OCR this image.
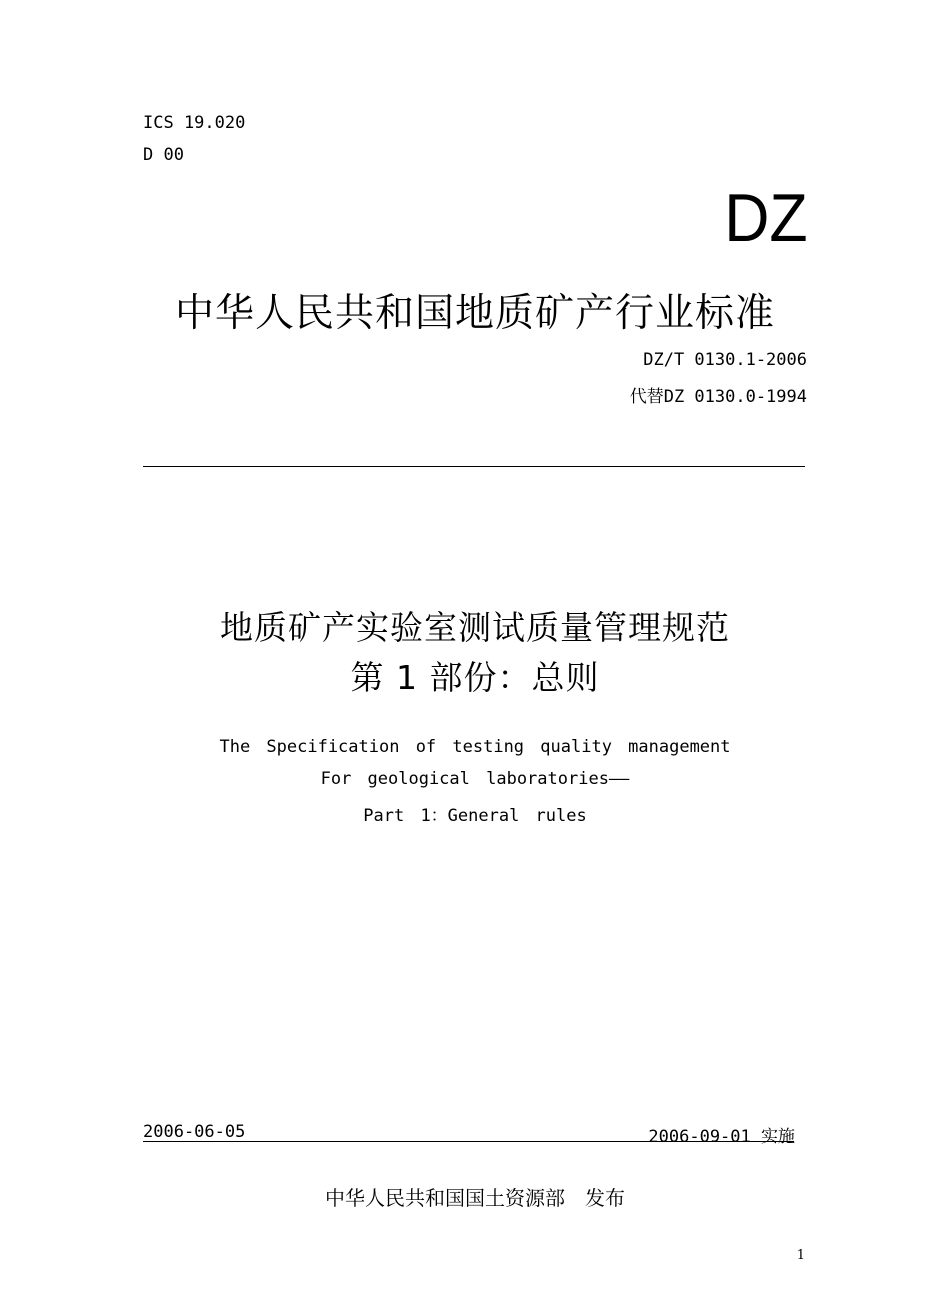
ICS 19.020
D 00
DZ
中华人民共和国地质矿产行业标准
DZ/T 0130.1-2006
代替DZ 0130.0-1994
地质矿产实验室测试质量管理规范
第 1 部份：总则
The Specification of testing quality management
For geological laboratories——
Part 1：General rules
2006-06-05	2006-09-01 实施
中华人民共和国国土资源部　发布
1
